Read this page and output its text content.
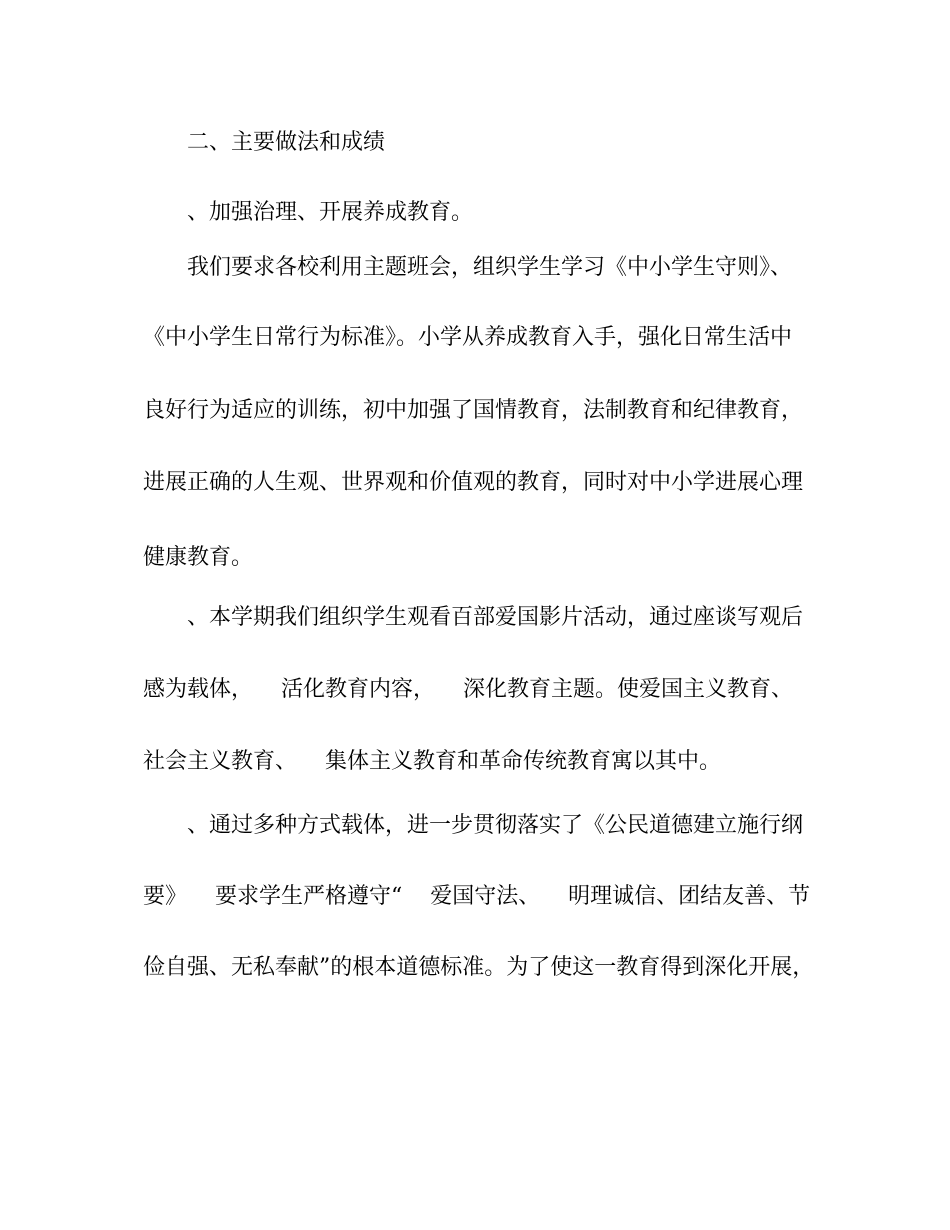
二、主要做法和成绩

、加强治理、开展养成教育。

我们要求各校利用主题班会，组织学生学习《中小学生守则》、

《中小学生日常行为标准》。小学从养成教育入手，强化日常生活中

良好行为适应的训练，初中加强了国情教育，法制教育和纪律教育，

进展正确的人生观、世界观和价值观的教育，同时对中小学进展心理

健康教育。

、本学期我们组织学生观看百部爱国影片活动，通过座谈写观后

感为载体，    活化教育内容，    深化教育主题。使爱国主义教育、

社会主义教育、    集体主义教育和革命传统教育寓以其中。

、通过多种方式载体，进一步贯彻落实了《公民道德建立施行纲

要》    要求学生严格遵守“    爱国守法、    明理诚信、团结友善、节

俭自强、无私奉献”的根本道德标准。为了使这一教育得到深化开展，
